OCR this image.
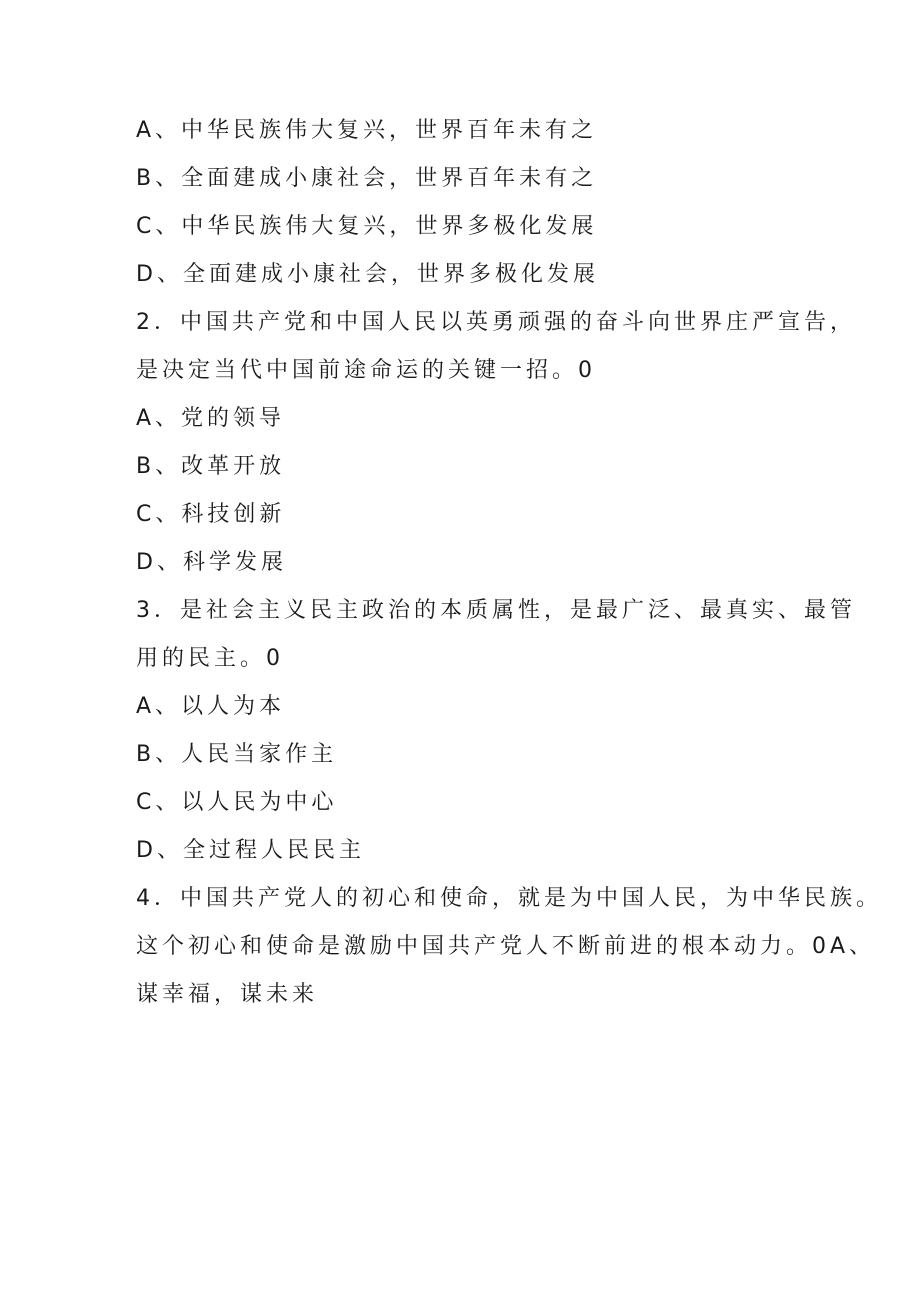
A、中华民族伟大复兴，世界百年未有之
B、全面建成小康社会，世界百年未有之
C、中华民族伟大复兴，世界多极化发展
D、全面建成小康社会，世界多极化发展
2．中国共产党和中国人民以英勇顽强的奋斗向世界庄严宣告，
是决定当代中国前途命运的关键一招。0
A、党的领导
B、改革开放
C、科技创新
D、科学发展
3．是社会主义民主政治的本质属性，是最广泛、最真实、最管
用的民主。0
A、以人为本
B、人民当家作主
C、以人民为中心
D、全过程人民民主
4．中国共产党人的初心和使命，就是为中国人民，为中华民族。
这个初心和使命是激励中国共产党人不断前进的根本动力。0A、
谋幸福，谋未来
